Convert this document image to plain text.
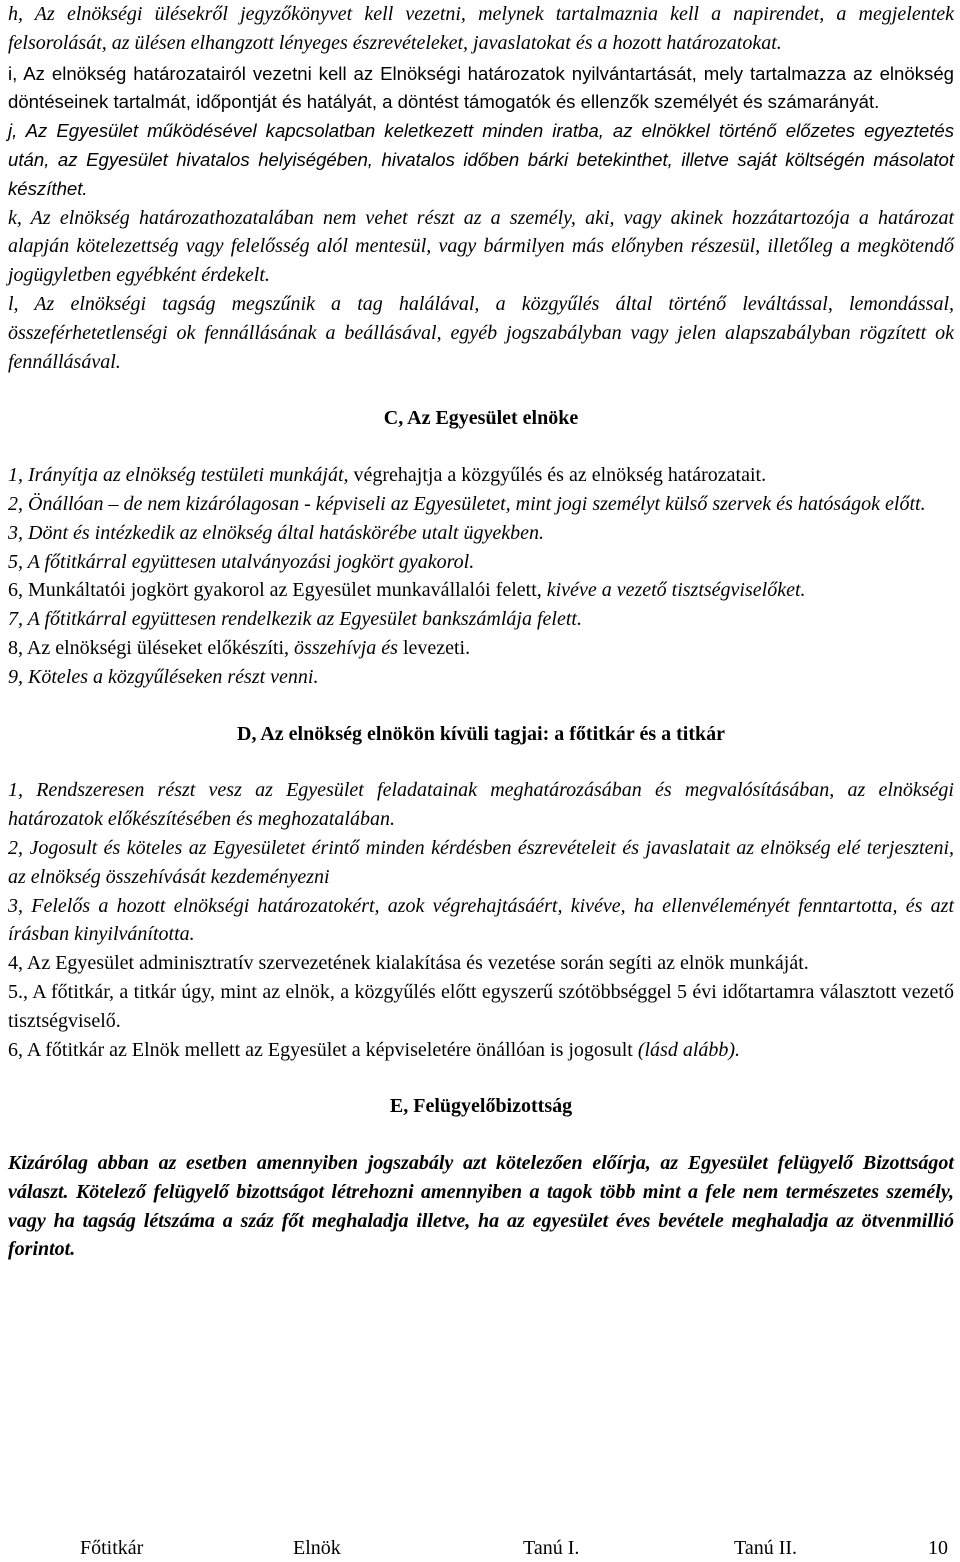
h, Az elnökségi ülésekről jegyzőkönyvet kell vezetni, melynek tartalmaznia kell a napirendet, a megjelentek felsorolását, az ülésen elhangzott lényeges észrevételeket, javaslatokat és a hozott határozatokat.

i, Az elnökség határozatairól vezetni kell az Elnökségi határozatok nyilvántartását, mely tartalmazza az elnökség döntéseinek tartalmát, időpontját és hatályát, a döntést támogatók és ellenzők személyét és számarányát.

j, Az Egyesület működésével kapcsolatban keletkezett minden iratba, az elnökkel történő előzetes egyeztetés után, az Egyesület hivatalos helyiségében, hivatalos időben bárki betekinthet, illetve saját költségén másolatot készíthet.

k, Az elnökség határozathozatalában nem vehet részt az a személy, aki, vagy akinek hozzátartozója a határozat alapján kötelezettség vagy felelősség alól mentesül, vagy bármilyen más előnyben részesül, illetőleg a megkötendő jogügyletben egyébként érdekelt.

l, Az elnökségi tagság megszűnik a tag halálával, a közgyűlés által történő leváltással, lemondással, összeférhetetlenségi ok fennállásának a beállásával, egyéb jogszabályban vagy jelen alapszabályban rögzített ok fennállásával.

C, Az Egyesület elnöke

1, Irányítja az elnökség testületi munkáját, végrehajtja a közgyűlés és az elnökség határozatait.

2, Önállóan – de nem kizárólagosan - képviseli az Egyesületet, mint jogi személyt külső szervek és hatóságok előtt.

3, Dönt és intézkedik az elnökség által hatáskörébe utalt ügyekben.

5, A főtitkárral együttesen utalványozási jogkört gyakorol.

6, Munkáltatói jogkört gyakorol az Egyesület munkavállalói felett, kivéve a vezető tisztségviselőket.

7, A főtitkárral együttesen rendelkezik az Egyesület bankszámlája felett.

8, Az elnökségi üléseket előkészíti, összehívja és levezeti.

9, Köteles a közgyűléseken részt venni.

D, Az elnökség elnökön kívüli tagjai: a főtitkár és a titkár

1, Rendszeresen részt vesz az Egyesület feladatainak meghatározásában és megvalósításában, az elnökségi határozatok előkészítésében és meghozatalában.

2, Jogosult és köteles az Egyesületet érintő minden kérdésben észrevételeit és javaslatait az elnökség elé terjeszteni, az elnökség összehívását kezdeményezni

3, Felelős a hozott elnökségi határozatokért, azok végrehajtásáért, kivéve, ha ellenvéleményét fenntartotta, és azt írásban kinyilvánította.

4, Az Egyesület adminisztratív szervezetének kialakítása és vezetése során segíti az elnök munkáját.

5., A főtitkár, a titkár úgy, mint az elnök, a közgyűlés előtt egyszerű szótöbbséggel 5 évi időtartamra választott vezető tisztségviselő.

6, A főtitkár az Elnök mellett az Egyesület a képviseletére önállóan is jogosult (lásd alább).

E, Felügyelőbizottság

Kizárólag abban az esetben amennyiben jogszabály azt kötelezően előírja, az Egyesület felügyelő Bizottságot választ. Kötelező felügyelő bizottságot létrehozni amennyiben a tagok több mint a fele nem természetes személy, vagy ha tagság létszáma a száz főt meghaladja illetve, ha az egyesület éves bevétele meghaladja az ötvenmillió forintot.

Főtitkár	Elnök	Tanú I.	Tanú II.	10
